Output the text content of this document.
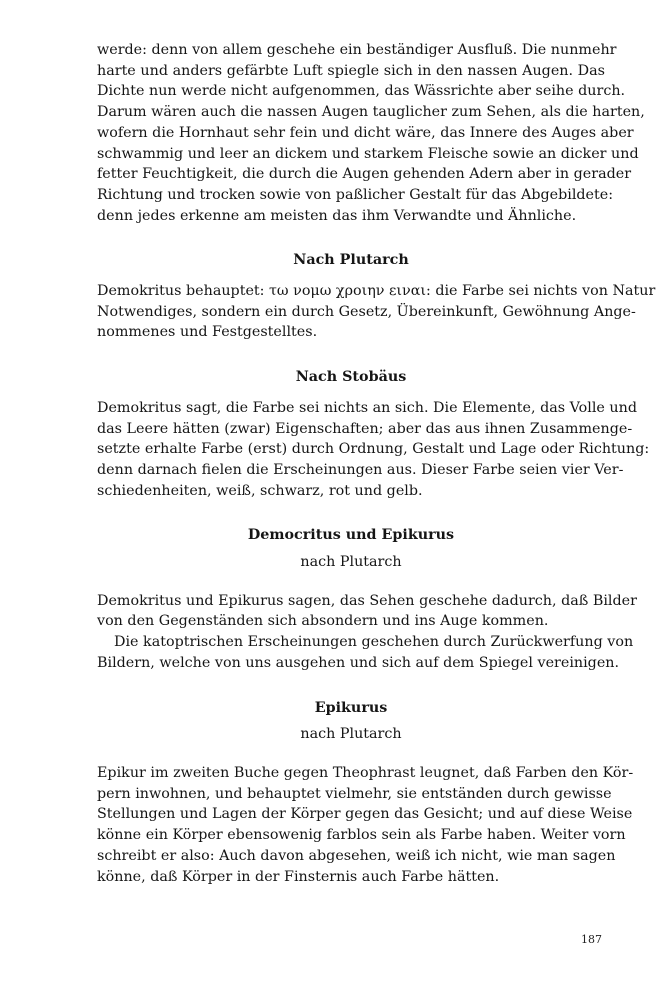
werde: denn von allem geschehe ein beständiger Ausfluß. Die nunmehr
harte und anders gefärbte Luft spiegle sich in den nassen Augen. Das
Dichte nun werde nicht aufgenommen, das Wässrichte aber seihe durch.
Darum wären auch die nassen Augen tauglicher zum Sehen, als die harten,
wofern die Hornhaut sehr fein und dicht wäre, das Innere des Auges aber
schwammig und leer an dickem und starkem Fleische sowie an dicker und
fetter Feuchtigkeit, die durch die Augen gehenden Adern aber in gerader
Richtung und trocken sowie von paßlicher Gestalt für das Abgebildete:
denn jedes erkenne am meisten das ihm Verwandte und Ähnliche.
Nach Plutarch
Demokritus behauptet: τω νομω χροιην ειναι: die Farbe sei nichts von Natur
Notwendiges, sondern ein durch Gesetz, Übereinkunft, Gewöhnung Ange-
nommenes und Festgestelltes.
Nach Stobäus
Demokritus sagt, die Farbe sei nichts an sich. Die Elemente, das Volle und
das Leere hätten (zwar) Eigenschaften; aber das aus ihnen Zusammenge-
setzte erhalte Farbe (erst) durch Ordnung, Gestalt und Lage oder Richtung:
denn darnach fielen die Erscheinungen aus. Dieser Farbe seien vier Ver-
schiedenheiten, weiß, schwarz, rot und gelb.
Democritus und Epikurus
nach Plutarch
Demokritus und Epikurus sagen, das Sehen geschehe dadurch, daß Bilder
von den Gegenständen sich absondern und ins Auge kommen.
Die katoptrischen Erscheinungen geschehen durch Zurückwerfung von
Bildern, welche von uns ausgehen und sich auf dem Spiegel vereinigen.
Epikurus
nach Plutarch
Epikur im zweiten Buche gegen Theophrast leugnet, daß Farben den Kör-
pern inwohnen, und behauptet vielmehr, sie entständen durch gewisse
Stellungen und Lagen der Körper gegen das Gesicht; und auf diese Weise
könne ein Körper ebensowenig farblos sein als Farbe haben. Weiter vorn
schreibt er also: Auch davon abgesehen, weiß ich nicht, wie man sagen
könne, daß Körper in der Finsternis auch Farbe hätten.
187
